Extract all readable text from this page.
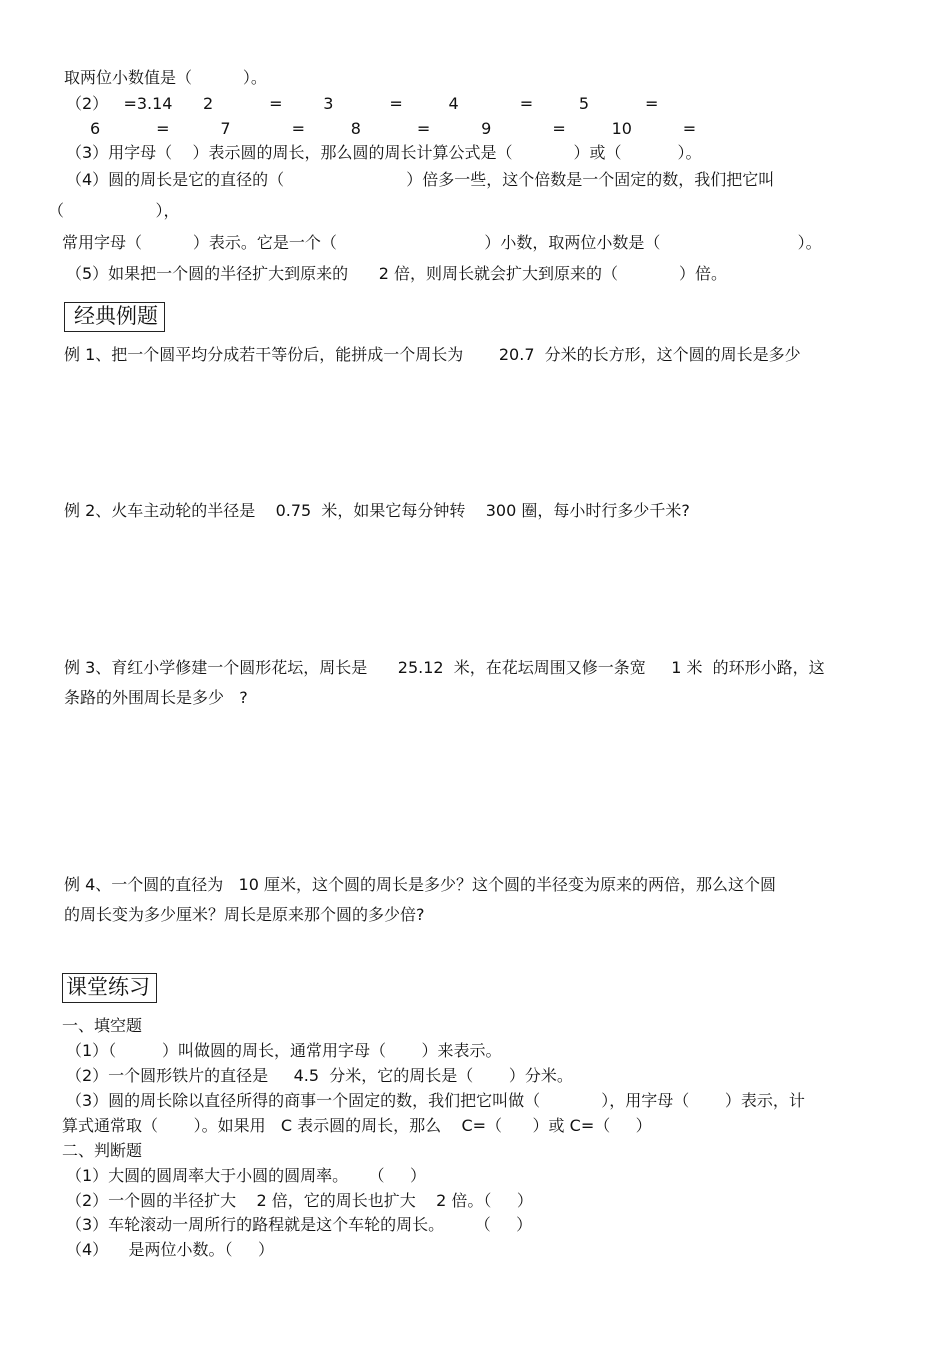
取两位小数值是（          ）。
（2）   =3.14      2           =        3           =         4            =         5           =
6           =          7            =         8           =          9            =         10          =
（3）用字母（    ）表示圆的周长，那么圆的周长计算公式是（            ）或（           ）。
（4）圆的周长是它的直径的（                        ）倍多一些，这个倍数是一个固定的数，我们把它叫
（                  ），
常用字母（          ）表示。它是一个（                             ）小数，取两位小数是（                           ）。
（5）如果把一个圆的半径扩大到原来的      2 倍，则周长就会扩大到原来的（            ）倍。
经典例题
例 1、把一个圆平均分成若干等份后，能拼成一个周长为       20.7  分米的长方形，这个圆的周长是多少
例 2、火车主动轮的半径是    0.75  米，如果它每分钟转    300 圈，每小时行多少千米?
例 3、育红小学修建一个圆形花坛，周长是      25.12  米，在花坛周围又修一条宽     1 米  的环形小路，这
条路的外围周长是多少   ?
例 4、一个圆的直径为   10 厘米，这个圆的周长是多少？这个圆的半径变为原来的两倍，那么这个圆
的周长变为多少厘米？周长是原来那个圆的多少倍?
课堂练习
一、填空题
（1）（         ）叫做圆的周长，通常用字母（       ）来表示。
（2）一个圆形铁片的直径是     4.5  分米，它的周长是（       ）分米。
（3）圆的周长除以直径所得的商事一个固定的数，我们把它叫做（            ），用字母（       ）表示，计
算式通常取（       ）。如果用   C 表示圆的周长，那么    C=（      ）或 C=（     ）
二、判断题
（1）大圆的圆周率大于小圆的圆周率。    （     ）
（2）一个圆的半径扩大    2 倍，它的周长也扩大    2 倍。（     ）
（3）车轮滚动一周所行的路程就是这个车轮的周长。      （     ）
（4）    是两位小数。（     ）
